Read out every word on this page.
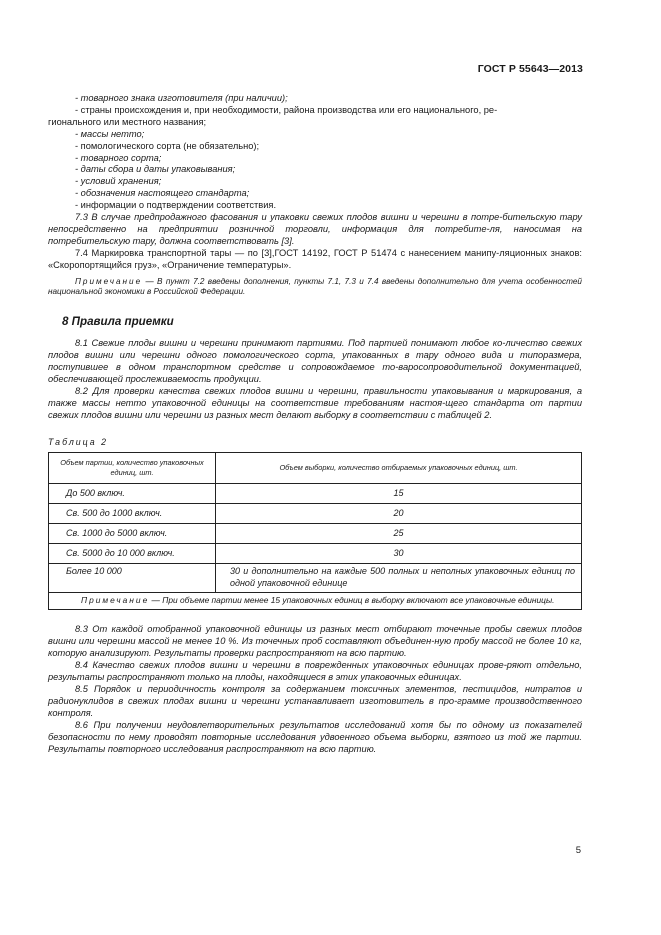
ГОСТ Р 55643—2013

- товарного знака изготовителя (при наличии);

- страны происхождения и, при необходимости, района производства или его национального, ре-

гионального или местного названия;

- массы нетто;

- помологического сорта (не обязательно);

- товарного сорта;

- даты сбора и даты упаковывания;

- условий хранения;

- обозначения настоящего стандарта;

- информации о подтверждении соответствия.

7.3 В случае предпродажного фасования и упаковки свежих плодов вишни и черешни в потре-бительскую тару непосредственно на предприятии розничной торговли, информация для потребите-ля, наносимая на потребительскую тару, должна соответствовать [3].

7.4 Маркировка транспортной тары — по [3],ГОСТ 14192, ГОСТ Р 51474 с нанесением манипу-ляционных знаков: «Скоропортящийся груз», «Ограничение температуры».

Примечание — В пункт 7.2 введены дополнения, пункты 7.1, 7.3 и 7.4 введены дополнительно для учета особенностей национальной экономики в Российской Федерации.

8 Правила приемки

8.1 Свежие плоды вишни и черешни принимают партиями. Под партией понимают любое ко-личество свежих плодов вишни или черешни одного помологического сорта, упакованных в тару одного вида и типоразмера, поступившее в одном транспортном средстве и сопровождаемое то-варосопроводительной документацией, обеспечивающей прослеживаемость продукции.

8.2 Для проверки качества свежих плодов вишни и черешни, правильности упаковывания и маркирования, а также массы нетто упаковочной единицы на соответствие требованиям настоя-щего стандарта от партии свежих плодов вишни или черешни из разных мест делают выборку в соответствии с таблицей 2.

Таблица 2

Объем партии, количество упаковочных единиц, шт.	Объем выборки, количество отбираемых упаковочных единиц, шт.
До 500 включ.	15
Св. 500 до 1000 включ.	20
Св. 1000 до 5000 включ.	25
Св. 5000 до 10 000 включ.	30
Более 10 000	30 и дополнительно на каждые 500 полных и неполных упаковочных единиц по одной упаковочной единице
Примечание — При объеме партии менее 15 упаковочных единиц в выборку включают все упаковочные единицы.	

8.3 От каждой отобранной упаковочной единицы из разных мест отбирают точечные пробы свежих плодов вишни или черешни массой не менее 10 %. Из точечных проб составляют объединен-ную пробу массой не более 10 кг, которую анализируют. Результаты проверки распространяют на всю партию.

8.4 Качество свежих плодов вишни и черешни в поврежденных упаковочных единицах прове-ряют отдельно, результаты распространяют только на плоды, находящиеся в этих упаковочных единицах.

8.5 Порядок и периодичность контроля за содержанием токсичных элементов, пестицидов, нитратов и радионуклидов в свежих плодах вишни и черешни устанавливает изготовитель в про-грамме производственного контроля.

8.6 При получении неудовлетворительных результатов исследований хотя бы по одному из показателей безопасности по нему проводят повторные исследования удвоенного объема выборки, взятого из той же партии. Результаты повторного исследования распространяют на всю партию.

5
